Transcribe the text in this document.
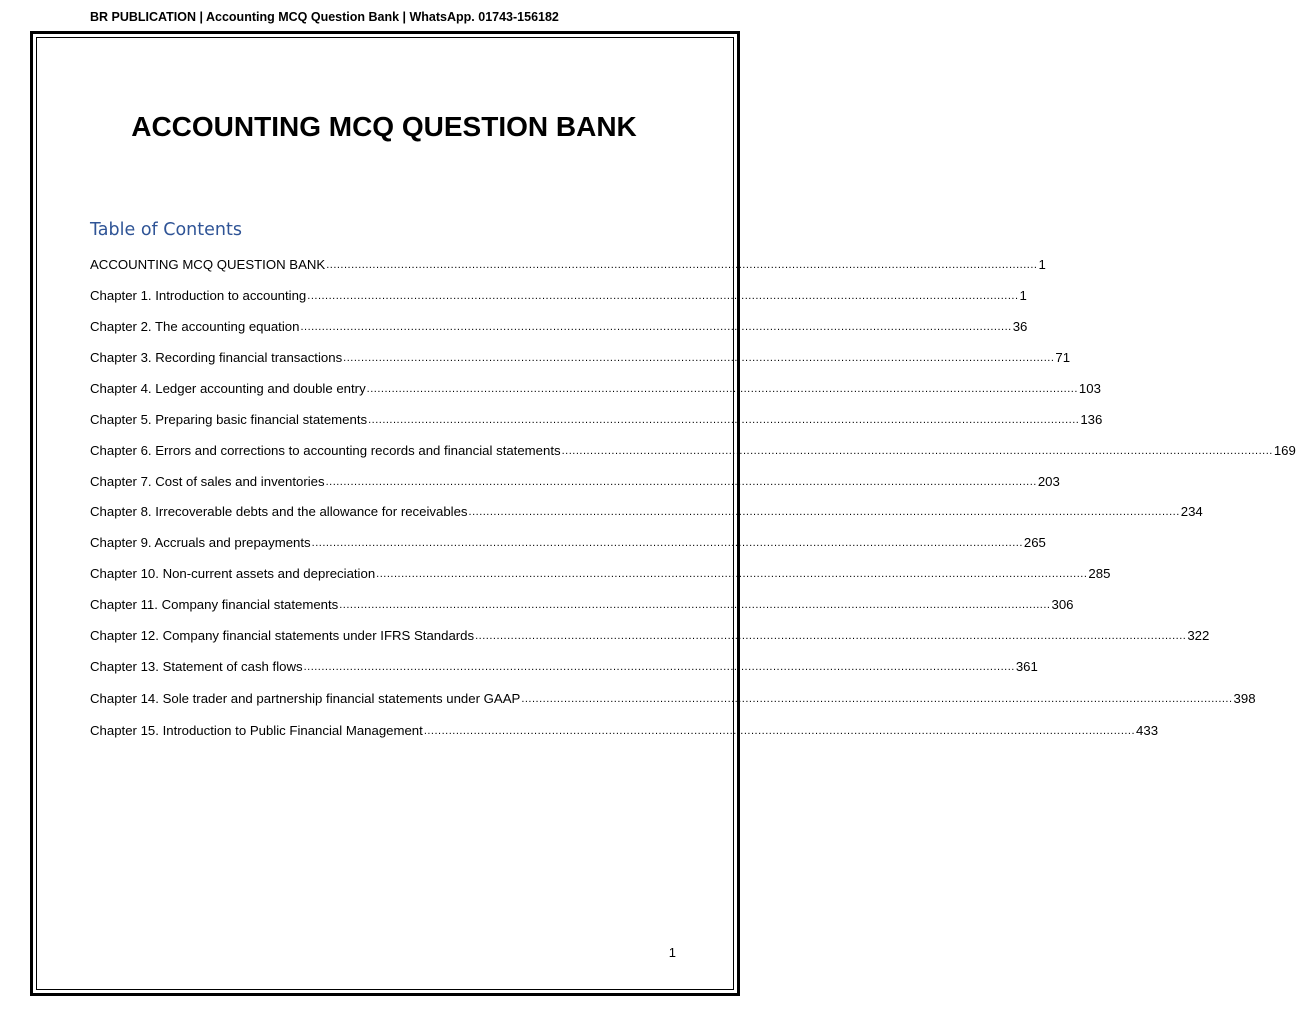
BR PUBLICATION | Accounting MCQ Question Bank | WhatsApp. 01743-156182
ACCOUNTING MCQ QUESTION BANK
Table of Contents
ACCOUNTING MCQ QUESTION BANK ........................................................................................................................................................................................................ 1
Chapter 1. Introduction to accounting ........................................................................................................................................................................................................ 1
Chapter 2. The accounting equation ........................................................................................................................................................................................................ 36
Chapter 3. Recording financial transactions ........................................................................................................................................................................................................ 71
Chapter 4. Ledger accounting and double entry ........................................................................................................................................................................................................ 103
Chapter 5. Preparing basic financial statements ........................................................................................................................................................................................................ 136
Chapter 6. Errors and corrections to accounting records and financial statements ........................................................................................................................................................................................................ 169
Chapter 7. Cost of sales and inventories ........................................................................................................................................................................................................ 203
Chapter 8. Irrecoverable debts and the allowance for receivables ........................................................................................................................................................................................................ 234
Chapter 9. Accruals and prepayments ........................................................................................................................................................................................................ 265
Chapter 10. Non-current assets and depreciation ........................................................................................................................................................................................................ 285
Chapter 11. Company financial statements ........................................................................................................................................................................................................ 306
Chapter 12. Company financial statements under IFRS Standards ........................................................................................................................................................................................................ 322
Chapter 13. Statement of cash flows ........................................................................................................................................................................................................ 361
Chapter 14. Sole trader and partnership financial statements under GAAP ........................................................................................................................................................................................................ 398
Chapter 15. Introduction to Public Financial Management ........................................................................................................................................................................................................ 433
1
